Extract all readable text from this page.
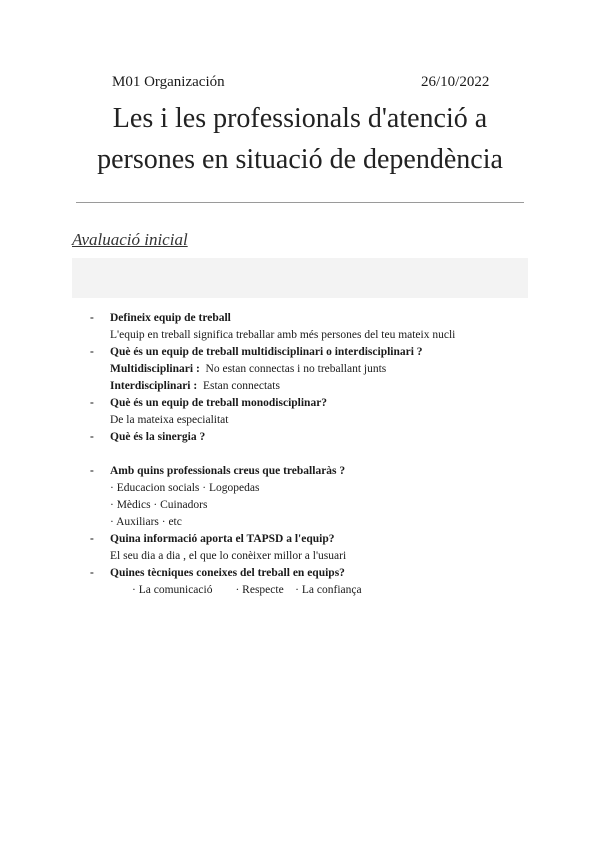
M01 Organización	26/10/2022
Les i les professionals d'atenció a
persones en situació de dependència
Avaluació inicial
- Defineix equip de treball
L'equip en treball significa treballar amb més persones del teu mateix nucli
- Què és un equip de treball multidisciplinari o interdisciplinari ?
Multidisciplinari : No estan connectas i no treballant junts
Interdisciplinari : Estan connectats
- Què és un equip de treball monodisciplinar?
De la mateixa especialitat
- Què és la sinergia ?
- Amb quins professionals creus que treballaràs ?
· Educacion socials · Logopedas
· Mèdics · Cuinadors
· Auxiliars · etc
- Quina informació aporta el TAPSD a l'equip?
El seu dia a dia , el que lo conèixer millor a l'usuari
- Quines tècniques coneixes del treball en equips?
· La comunicació        · Respecte    · La confiança
